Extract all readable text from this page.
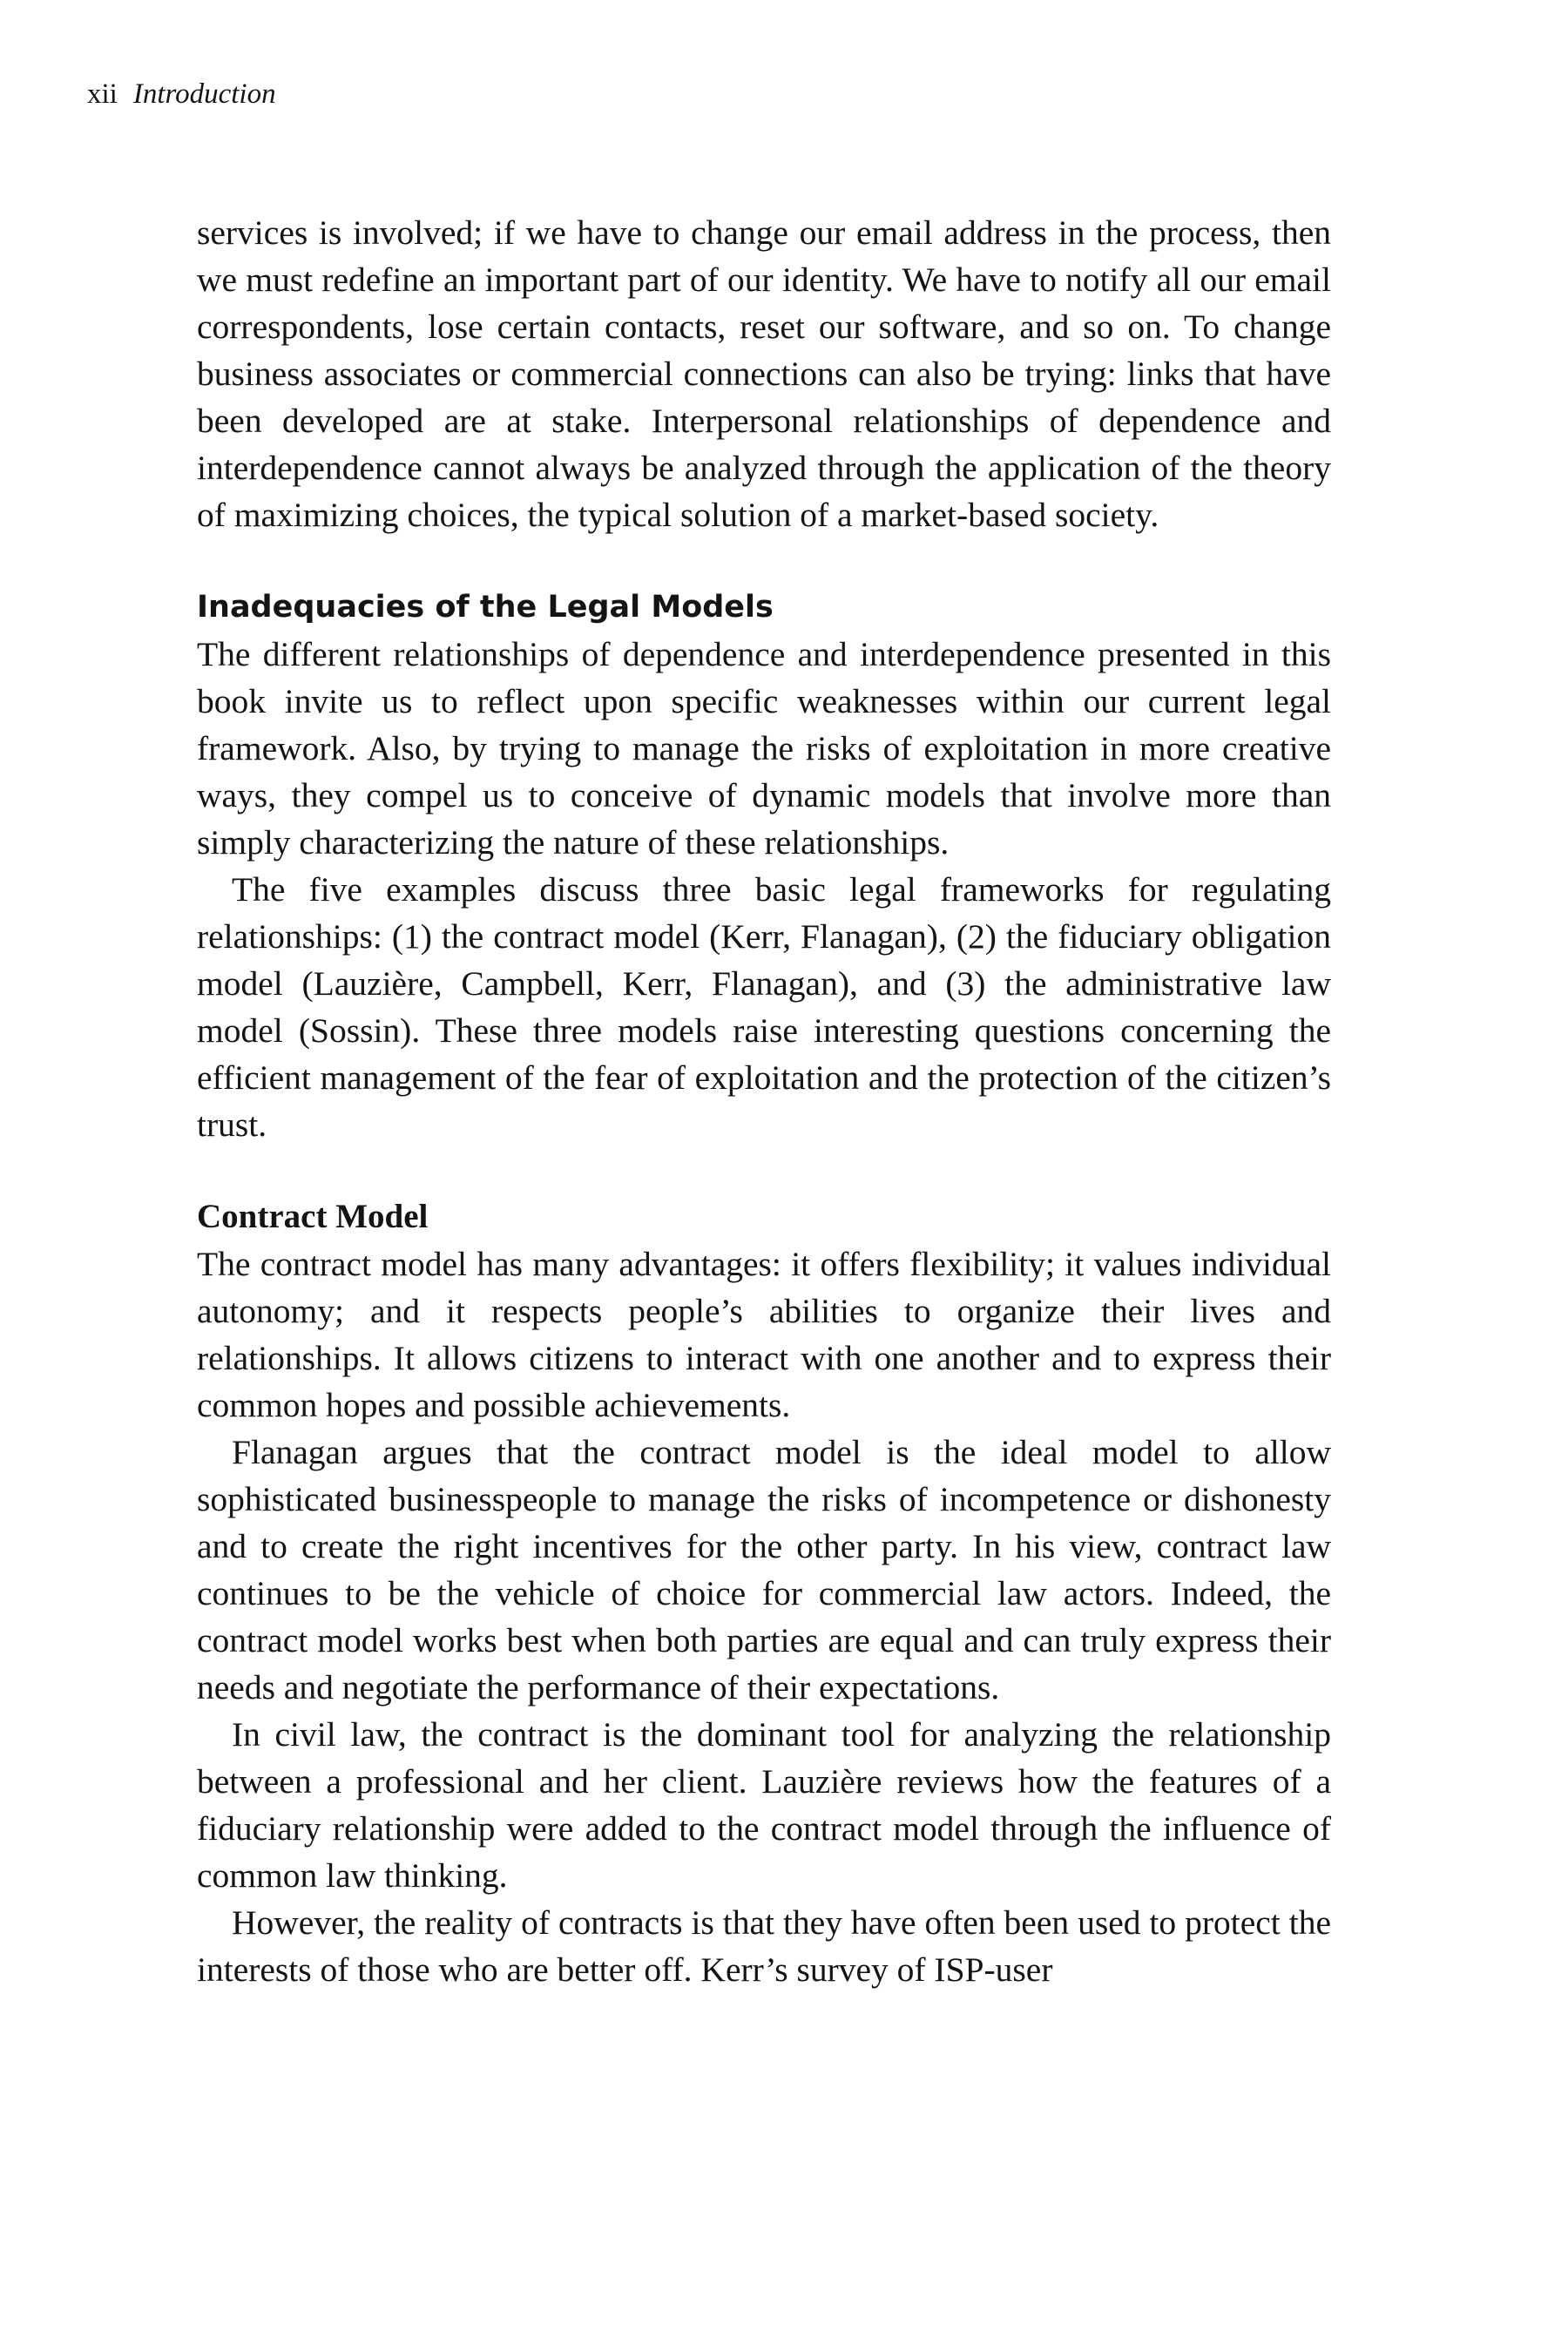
xii Introduction

services is involved; if we have to change our email address in the process, then we must redefine an important part of our identity. We have to notify all our email correspondents, lose certain contacts, reset our software, and so on. To change business associates or commercial connections can also be trying: links that have been developed are at stake. Interpersonal relationships of dependence and interdependence cannot always be analyzed through the application of the theory of maximizing choices, the typical solution of a market-based society.

Inadequacies of the Legal Models

The different relationships of dependence and interdependence presented in this book invite us to reflect upon specific weaknesses within our current legal framework. Also, by trying to manage the risks of exploitation in more creative ways, they compel us to conceive of dynamic models that involve more than simply characterizing the nature of these relationships.

The five examples discuss three basic legal frameworks for regulating relationships: (1) the contract model (Kerr, Flanagan), (2) the fiduciary obligation model (Lauzière, Campbell, Kerr, Flanagan), and (3) the administrative law model (Sossin). These three models raise interesting questions concerning the efficient management of the fear of exploitation and the protection of the citizen’s trust.

Contract Model

The contract model has many advantages: it offers flexibility; it values individual autonomy; and it respects people’s abilities to organize their lives and relationships. It allows citizens to interact with one another and to express their common hopes and possible achievements.

Flanagan argues that the contract model is the ideal model to allow sophisticated businesspeople to manage the risks of incompetence or dishonesty and to create the right incentives for the other party. In his view, contract law continues to be the vehicle of choice for commercial law actors. Indeed, the contract model works best when both parties are equal and can truly express their needs and negotiate the performance of their expectations.

In civil law, the contract is the dominant tool for analyzing the relationship between a professional and her client. Lauzière reviews how the features of a fiduciary relationship were added to the contract model through the influence of common law thinking.

However, the reality of contracts is that they have often been used to protect the interests of those who are better off. Kerr’s survey of ISP-user
